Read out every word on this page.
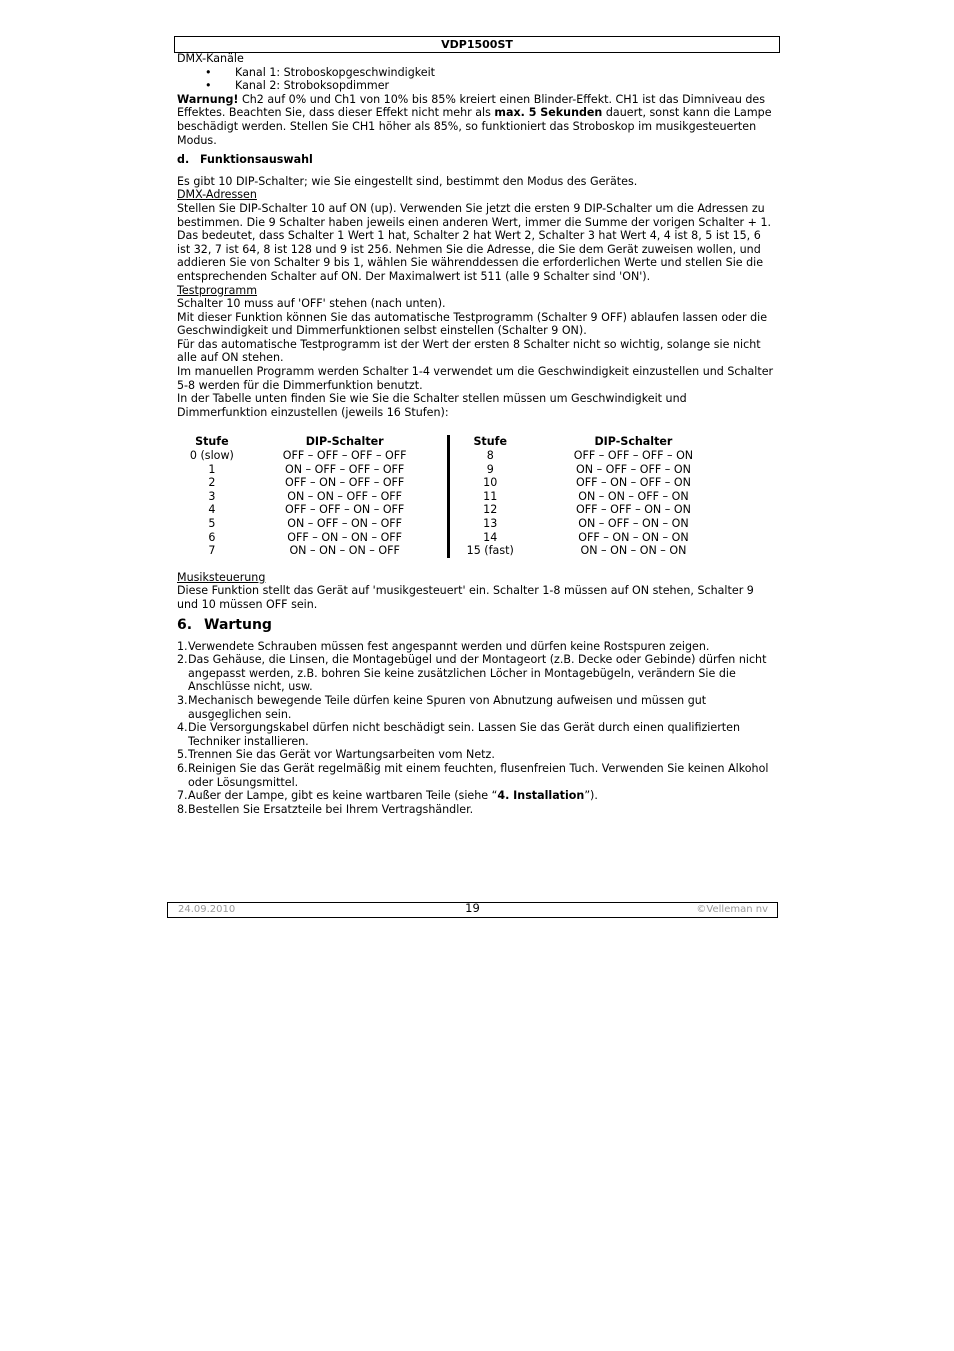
VDP1500ST

DMX-Kanäle

• Kanal 1: Stroboskopgeschwindigkeit
• Kanal 2: Stroboksopdimmer

Warnung! Ch2 auf 0% und Ch1 von 10% bis 85% kreiert einen Blinder-Effekt. CH1 ist das Dimniveau des Effektes. Beachten Sie, dass dieser Effekt nicht mehr als max. 5 Sekunden dauert, sonst kann die Lampe beschädigt werden. Stellen Sie CH1 höher als 85%, so funktioniert das Stroboskop im musikgesteuerten Modus.

d. Funktionsauswahl

Es gibt 10 DIP-Schalter; wie Sie eingestellt sind, bestimmt den Modus des Gerätes.

DMX-Adressen

Stellen Sie DIP-Schalter 10 auf ON (up). Verwenden Sie jetzt die ersten 9 DIP-Schalter um die Adressen zu bestimmen. Die 9 Schalter haben jeweils einen anderen Wert, immer die Summe der vorigen Schalter + 1. Das bedeutet, dass Schalter 1 Wert 1 hat, Schalter 2 hat Wert 2, Schalter 3 hat Wert 4, 4 ist 8, 5 ist 15, 6 ist 32, 7 ist 64, 8 ist 128 und 9 ist 256. Nehmen Sie die Adresse, die Sie dem Gerät zuweisen wollen, und addieren Sie von Schalter 9 bis 1, wählen Sie währenddessen die erforderlichen Werte und stellen Sie die entsprechenden Schalter auf ON. Der Maximalwert ist 511 (alle 9 Schalter sind 'ON').

Testprogramm

Schalter 10 muss auf 'OFF' stehen (nach unten).

Mit dieser Funktion können Sie das automatische Testprogramm (Schalter 9 OFF) ablaufen lassen oder die Geschwindigkeit und Dimmerfunktionen selbst einstellen (Schalter 9 ON).

Für das automatische Testprogramm ist der Wert der ersten 8 Schalter nicht so wichtig, solange sie nicht alle auf ON stehen.

Im manuellen Programm werden Schalter 1-4 verwendet um die Geschwindigkeit einzustellen und Schalter 5-8 werden für die Dimmerfunktion benutzt.

In der Tabelle unten finden Sie wie Sie die Schalter stellen müssen um Geschwindigkeit und Dimmerfunktion einzustellen (jeweils 16 Stufen):

Stufe	DIP-Schalter	Stufe	DIP-Schalter
0 (slow)	OFF – OFF – OFF – OFF	8	OFF – OFF – OFF – ON
1	ON – OFF – OFF – OFF	9	ON – OFF – OFF – ON
2	OFF – ON – OFF – OFF	10	OFF – ON – OFF – ON
3	ON – ON – OFF – OFF	11	ON – ON – OFF – ON
4	OFF – OFF – ON – OFF	12	OFF – OFF – ON – ON
5	ON – OFF – ON – OFF	13	ON – OFF – ON – ON
6	OFF – ON – ON – OFF	14	OFF – ON – ON – ON
7	ON – ON – ON – OFF	15 (fast)	ON – ON – ON – ON

Musiksteuerung

Diese Funktion stellt das Gerät auf 'musikgesteuert' ein. Schalter 1-8 müssen auf ON stehen, Schalter 9 und 10 müssen OFF sein.

6. Wartung
1. Verwendete Schrauben müssen fest angespannt werden und dürfen keine Rostspuren zeigen.
2. Das Gehäuse, die Linsen, die Montagebügel und der Montageort (z.B. Decke oder Gebinde) dürfen nicht angepasst werden, z.B. bohren Sie keine zusätzlichen Löcher in Montagebügeln, verändern Sie die Anschlüsse nicht, usw.
3. Mechanisch bewegende Teile dürfen keine Spuren von Abnutzung aufweisen und müssen gut ausgeglichen sein.
4. Die Versorgungskabel dürfen nicht beschädigt sein. Lassen Sie das Gerät durch einen qualifizierten Techniker installieren.
5. Trennen Sie das Gerät vor Wartungsarbeiten vom Netz.
6. Reinigen Sie das Gerät regelmäßig mit einem feuchten, flusenfreien Tuch. Verwenden Sie keinen Alkohol oder Lösungsmittel.
7. Außer der Lampe, gibt es keine wartbaren Teile (siehe “4. Installation”).
8. Bestellen Sie Ersatzteile bei Ihrem Vertragshändler.
24.09.2010	19	©Velleman nv
